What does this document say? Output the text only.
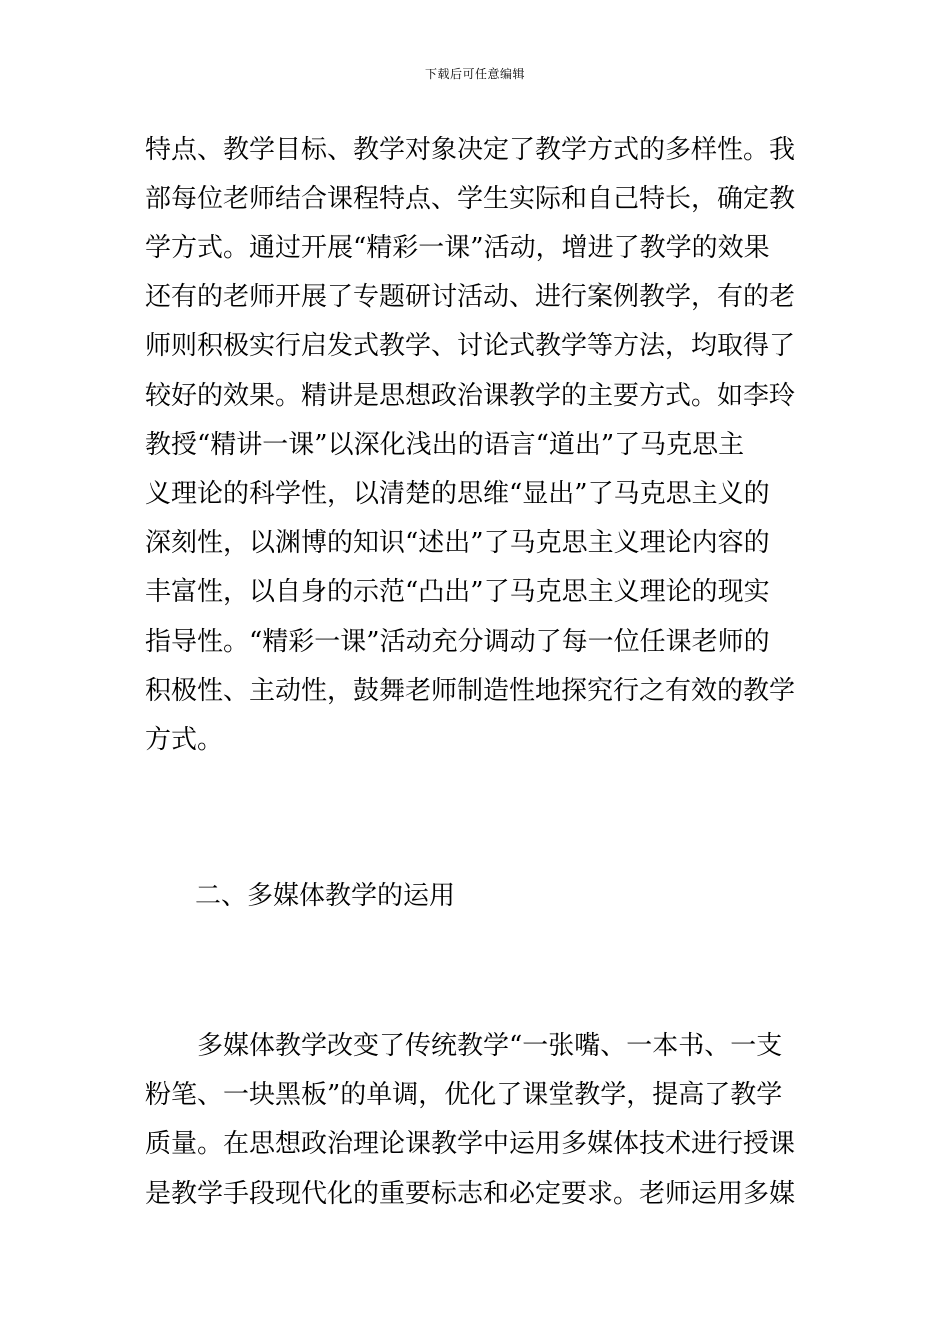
下载后可任意编辑
特点、教学目标、教学对象决定了教学方式的多样性。我
部每位老师结合课程特点、学生实际和自己特长，确定教
学方式。通过开展“精彩一课”活动，增进了教学的效果
还有的老师开展了专题研讨活动、进行案例教学，有的老
师则积极实行启发式教学、讨论式教学等方法，均取得了
较好的效果。精讲是思想政治课教学的主要方式。如李玲
教授“精讲一课”以深化浅出的语言“道出”了马克思主
义理论的科学性，以清楚的思维“显出”了马克思主义的
深刻性，以渊博的知识“述出”了马克思主义理论内容的
丰富性，以自身的示范“凸出”了马克思主义理论的现实
指导性。“精彩一课”活动充分调动了每一位任课老师的
积极性、主动性，鼓舞老师制造性地探究行之有效的教学
方式。
二、多媒体教学的运用
多媒体教学改变了传统教学“一张嘴、一本书、一支
粉笔、一块黑板”的单调，优化了课堂教学，提高了教学
质量。在思想政治理论课教学中运用多媒体技术进行授课
是教学手段现代化的重要标志和必定要求。老师运用多媒
